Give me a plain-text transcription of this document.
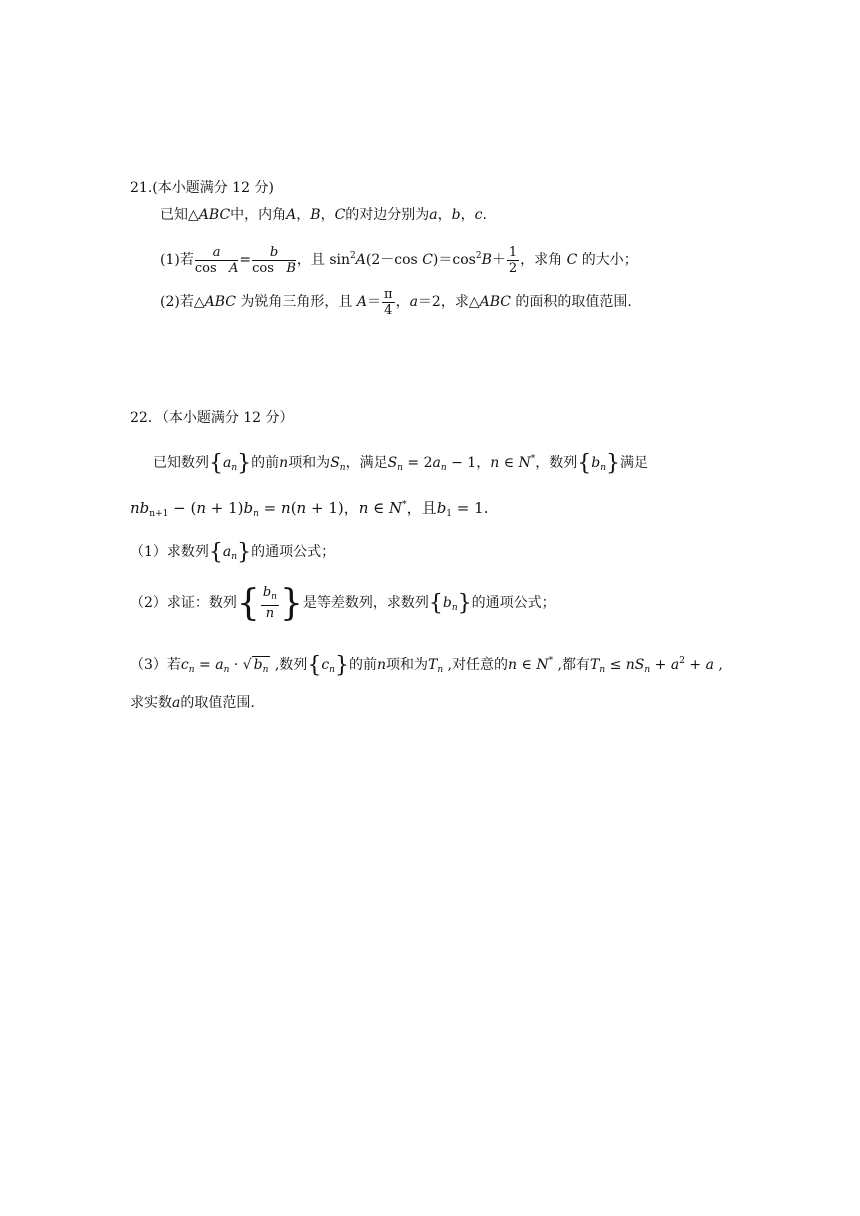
21.(本小题满分 12 分)
已知△ABC中，内角A，B，C的对边分别为a，b，c.
(1)若 $\frac{a}{\text{cos A}} = \frac{b}{\text{cos B}}$ ，且 $\sin^2A(2-\cos$ $C)=\cos^2B+ \frac{1}{2}$ ，求角 C 的大小；
(2)若△ABC 为锐角三角形，且 $A= \frac{\pi}{4}$ ，a＝2，求△ABC 的面积的取值范围.
22．（本小题满分 12 分）
已知数列$\{a_n\}$的前n项和为$S_n$，满足$S_n = 2a_n - 1$，n ∈ N*，数列$\{b_n\}$满足
$nb_{n+1} - (n + 1)b_n = n(n + 1)$，n ∈ N*，且$b_1 = 1$.
（1）求数列$\{a_n\}$的通项公式；
（2）求证：数列{ $\frac{b_n}{n}$ }是等差数列，求数列$\{b_n\}$的通项公式；
（3）若$c_n = a_n$ · √ $b_n$ ,数列$\{c_n\}$的前n项和为$T_n$ ,对任意的n ∈ N* ,都有$T_n \le nS_n + a^2 + a$ ,
求实数a的取值范围.
